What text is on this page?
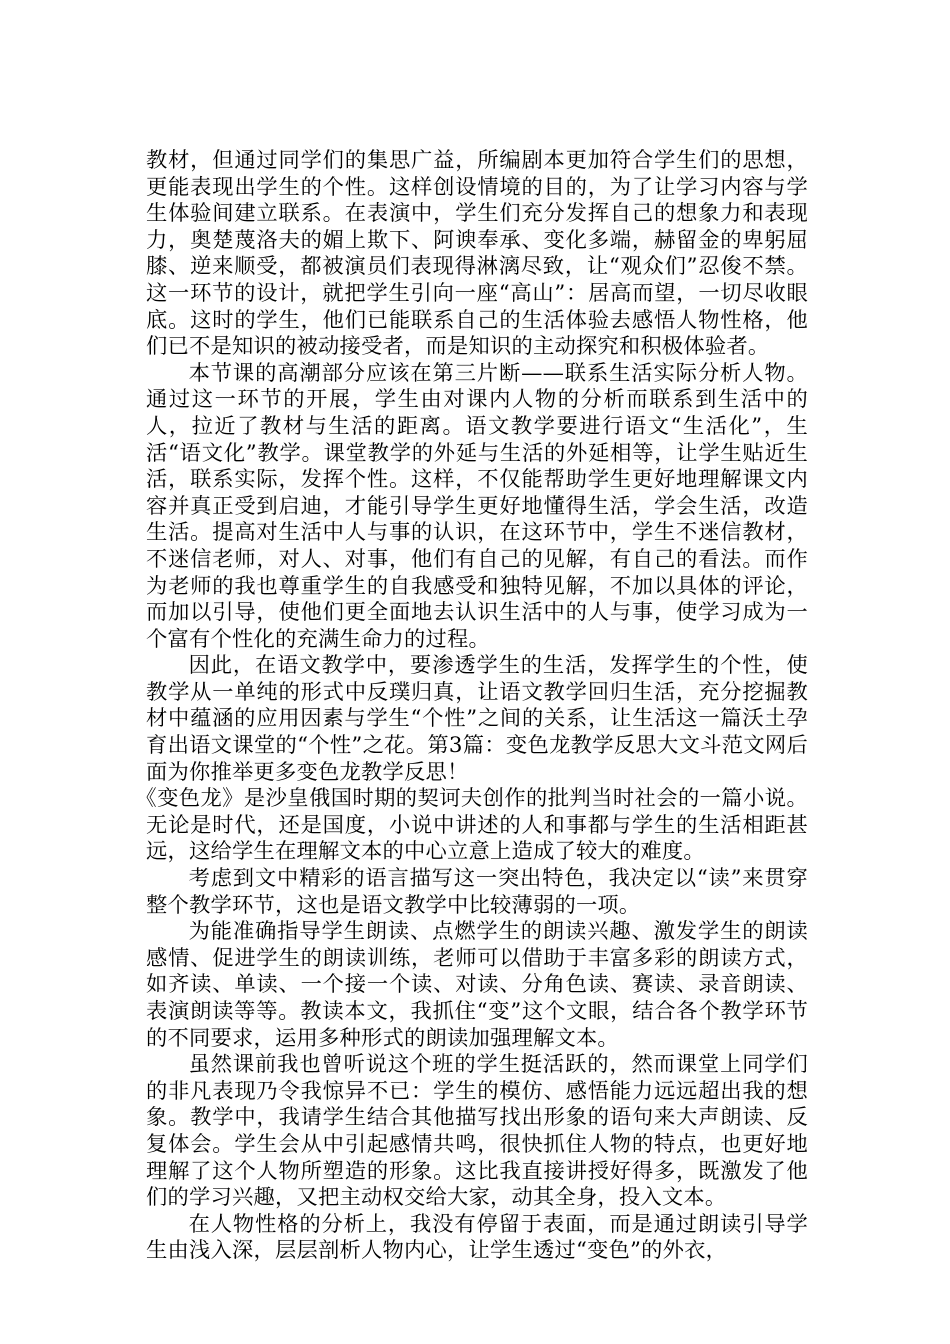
教材，但通过同学们的集思广益，所编剧本更加符合学生们的思想，更能表现出学生的个性。这样创设情境的目的，为了让学习内容与学生体验间建立联系。在表演中，学生们充分发挥自己的想象力和表现力，奥楚蔑洛夫的媚上欺下、阿谀奉承、变化多端，赫留金的卑躬屈膝、逆来顺受，都被演员们表现得淋漓尽致，让“观众们”忍俊不禁。这一环节的设计，就把学生引向一座“高山”：居高而望，一切尽收眼底。这时的学生，他们已能联系自己的生活体验去感悟人物性格，他们已不是知识的被动接受者，而是知识的主动探究和积极体验者。

本节课的高潮部分应该在第三片断——联系生活实际分析人物。通过这一环节的开展，学生由对课内人物的分析而联系到生活中的人，拉近了教材与生活的距离。语文教学要进行语文“生活化”，生活“语文化”教学。课堂教学的外延与生活的外延相等，让学生贴近生活，联系实际，发挥个性。这样，不仅能帮助学生更好地理解课文内容并真正受到启迪，才能引导学生更好地懂得生活，学会生活，改造生活。提高对生活中人与事的认识，在这环节中，学生不迷信教材，不迷信老师，对人、对事，他们有自己的见解，有自己的看法。而作为老师的我也尊重学生的自我感受和独特见解，不加以具体的评论，而加以引导，使他们更全面地去认识生活中的人与事，使学习成为一个富有个性化的充满生命力的过程。

因此，在语文教学中，要渗透学生的生活，发挥学生的个性，使教学从一单纯的形式中反璞归真，让语文教学回归生活，充分挖掘教材中蕴涵的应用因素与学生“个性”之间的关系，让生活这一篇沃土孕育出语文课堂的“个性”之花。第3篇：变色龙教学反思大文斗范文网后面为你推举更多变色龙教学反思！

《变色龙》是沙皇俄国时期的契诃夫创作的批判当时社会的一篇小说。无论是时代，还是国度，小说中讲述的人和事都与学生的生活相距甚远，这给学生在理解文本的中心立意上造成了较大的难度。

考虑到文中精彩的语言描写这一突出特色，我决定以“读”来贯穿整个教学环节，这也是语文教学中比较薄弱的一项。

为能准确指导学生朗读、点燃学生的朗读兴趣、激发学生的朗读感情、促进学生的朗读训练，老师可以借助于丰富多彩的朗读方式，如齐读、单读、一个接一个读、对读、分角色读、赛读、录音朗读、表演朗读等等。教读本文，我抓住“变”这个文眼，结合各个教学环节的不同要求，运用多种形式的朗读加强理解文本。

虽然课前我也曾听说这个班的学生挺活跃的，然而课堂上同学们的非凡表现乃令我惊异不已：学生的模仿、感悟能力远远超出我的想象。教学中，我请学生结合其他描写找出形象的语句来大声朗读、反复体会。学生会从中引起感情共鸣，很快抓住人物的特点，也更好地理解了这个人物所塑造的形象。这比我直接讲授好得多，既激发了他们的学习兴趣，又把主动权交给大家，动其全身，投入文本。

在人物性格的分析上，我没有停留于表面，而是通过朗读引导学生由浅入深，层层剖析人物内心，让学生透过“变色”的外衣，
